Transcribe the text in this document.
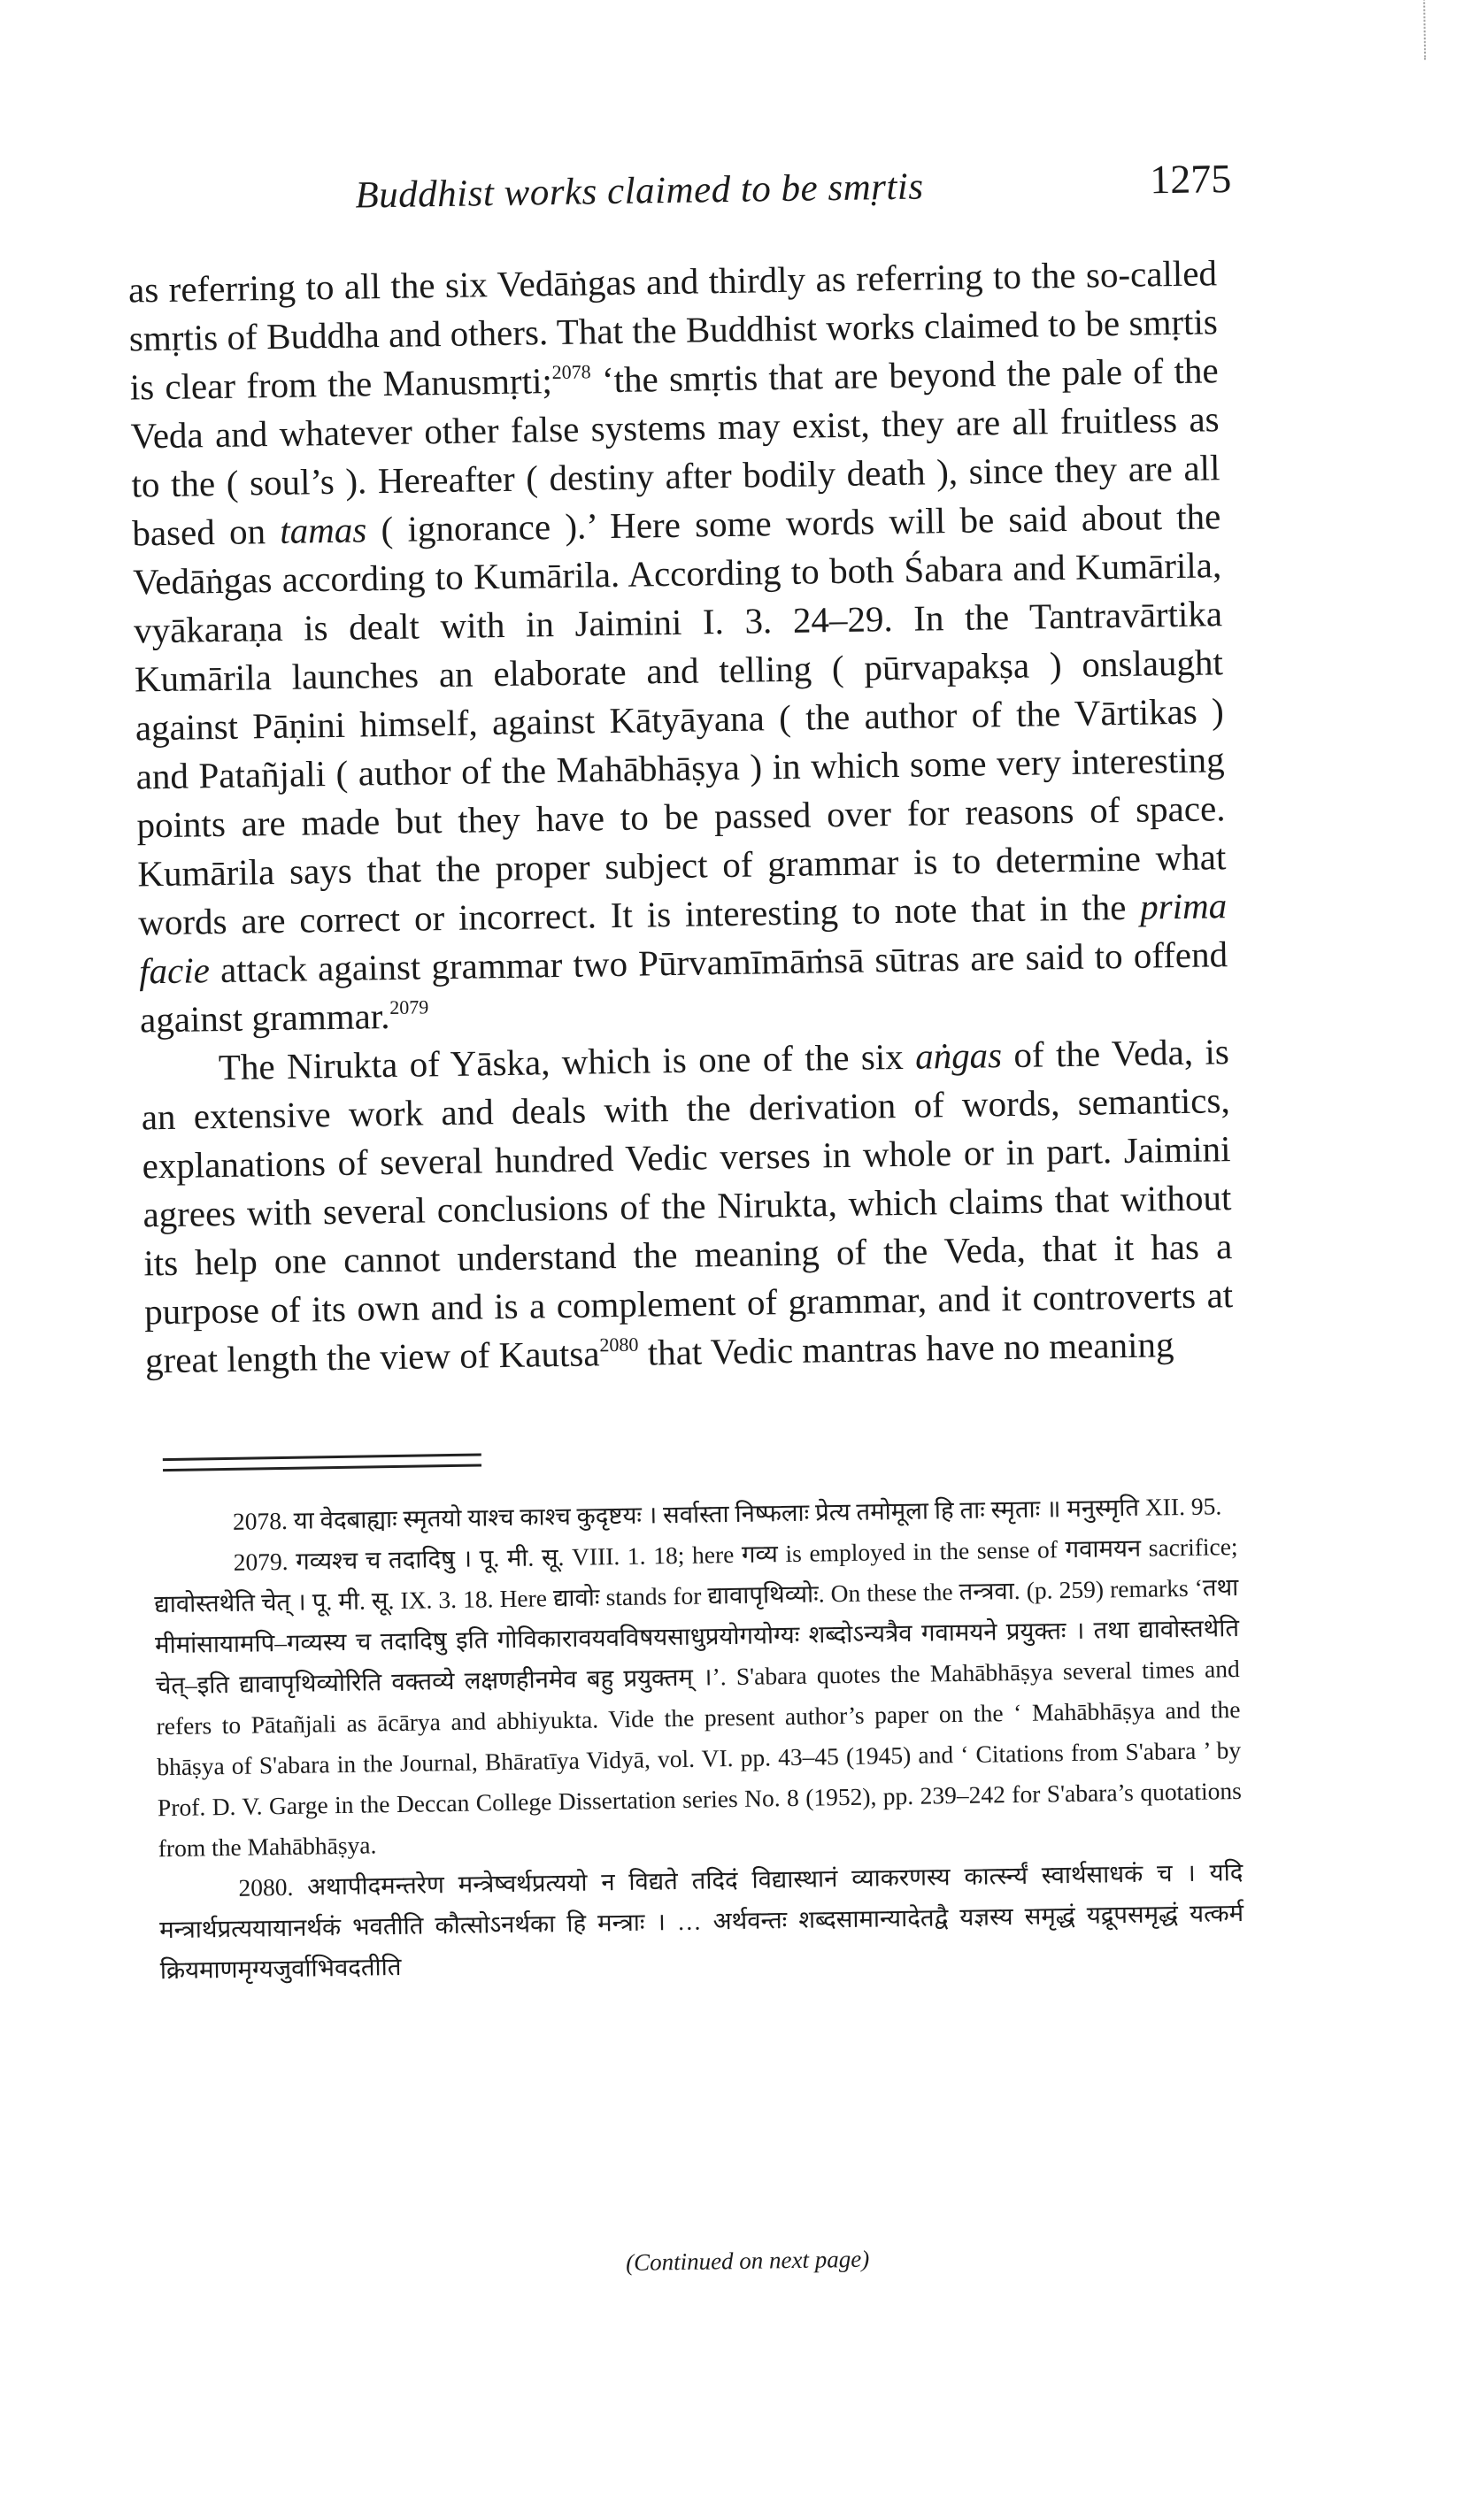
Buddhist works claimed to be smṛtis	1275

as referring to all the six Vedāṅgas and thirdly as referring to the so-called smṛtis of Buddha and others. That the Buddhist works claimed to be smṛtis is clear from the Manusmṛti;$^{2078}$ ‘the smṛtis that are beyond the pale of the Veda and whatever other false systems may exist, they are all fruitless as to the ( soul’s ). Hereafter ( destiny after bodily death ), since they are all based on tamas ( ignorance ).’ Here some words will be said about the Vedāṅgas according to Kumārila. According to both Śabara and Kumārila, vyākaraṇa is dealt with in Jaimini I. 3. 24–29. In the Tantravārtika Kumārila launches an elaborate and telling ( pūrvapakṣa ) onslaught against Pāṇini himself, against Kātyāyana ( the author of the Vārtikas ) and Patañjali ( author of the Mahābhāṣya ) in which some very interesting points are made but they have to be passed over for reasons of space. Kumārila says that the proper subject of grammar is to determine what words are correct or incorrect. It is interesting to note that in the prima facie attack against grammar two Pūrvamīmāṁsā sūtras are said to offend against grammar.$^{2079}$

The Nirukta of Yāska, which is one of the six aṅgas of the Veda, is an extensive work and deals with the derivation of words, semantics, explanations of several hundred Vedic verses in whole or in part. Jaimini agrees with several conclusions of the Nirukta, which claims that without its help one cannot understand the meaning of the Veda, that it has a purpose of its own and is a complement of grammar, and it controverts at great length the view of Kautsa$^{2080}$ that Vedic mantras have no meaning

2078. या वेदबाह्याः स्मृतयो याश्च काश्च कुदृष्टयः । सर्वास्ता निष्फलाः प्रेत्य तमोमूला हि ताः स्मृताः ॥ मनुस्मृति XII. 95.

2079. गव्यश्च च तदादिषु । पू. मी. सू. VIII. 1. 18; here गव्य is employed in the sense of गवामयन sacrifice; द्यावोस्तथेति चेत् । पू. मी. सू. IX. 3. 18. Here द्यावोः stands for द्यावापृथिव्योः. On these the तन्त्रवा. (p. 259) remarks ‘तथा मीमांसायामपि–गव्यस्य च तदादिषु इति गोविकारावयवविषयसाधुप्रयोगयोग्यः शब्दोऽन्यत्रैव गवामयने प्रयुक्तः । तथा द्यावोस्तथेति चेत्–इति द्यावापृथिव्योरिति वक्तव्ये लक्षणहीनमेव बहु प्रयुक्तम् ।’. S'abara quotes the Mahābhāṣya several times and refers to Pātañjali as ācārya and abhiyukta. Vide the present author’s paper on the ‘ Mahābhāṣya and the bhāṣya of S'abara in the Journal, Bhāratīya Vidyā, vol. VI. pp. 43–45 (1945) and ‘ Citations from S'abara ’ by Prof. D. V. Garge in the Deccan College Dissertation series No. 8 (1952), pp. 239–242 for S'abara’s quotations from the Mahābhāṣya.

2080. अथापीदमन्तरेण मन्त्रेष्वर्थप्रत्ययो न विद्यते तदिदं विद्यास्थानं व्याकरणस्य कार्त्स्न्यं स्वार्थसाधकं च । यदि मन्त्रार्थप्रत्ययायानर्थकं भवतीति कौत्सोऽनर्थका हि मन्त्राः । … अर्थवन्तः शब्दसामान्यादेतद्वै यज्ञस्य समृद्धं यद्रूपसमृद्धं यत्कर्म क्रियमाणमृग्यजुर्वाभिवदतीति

(Continued on next page)
